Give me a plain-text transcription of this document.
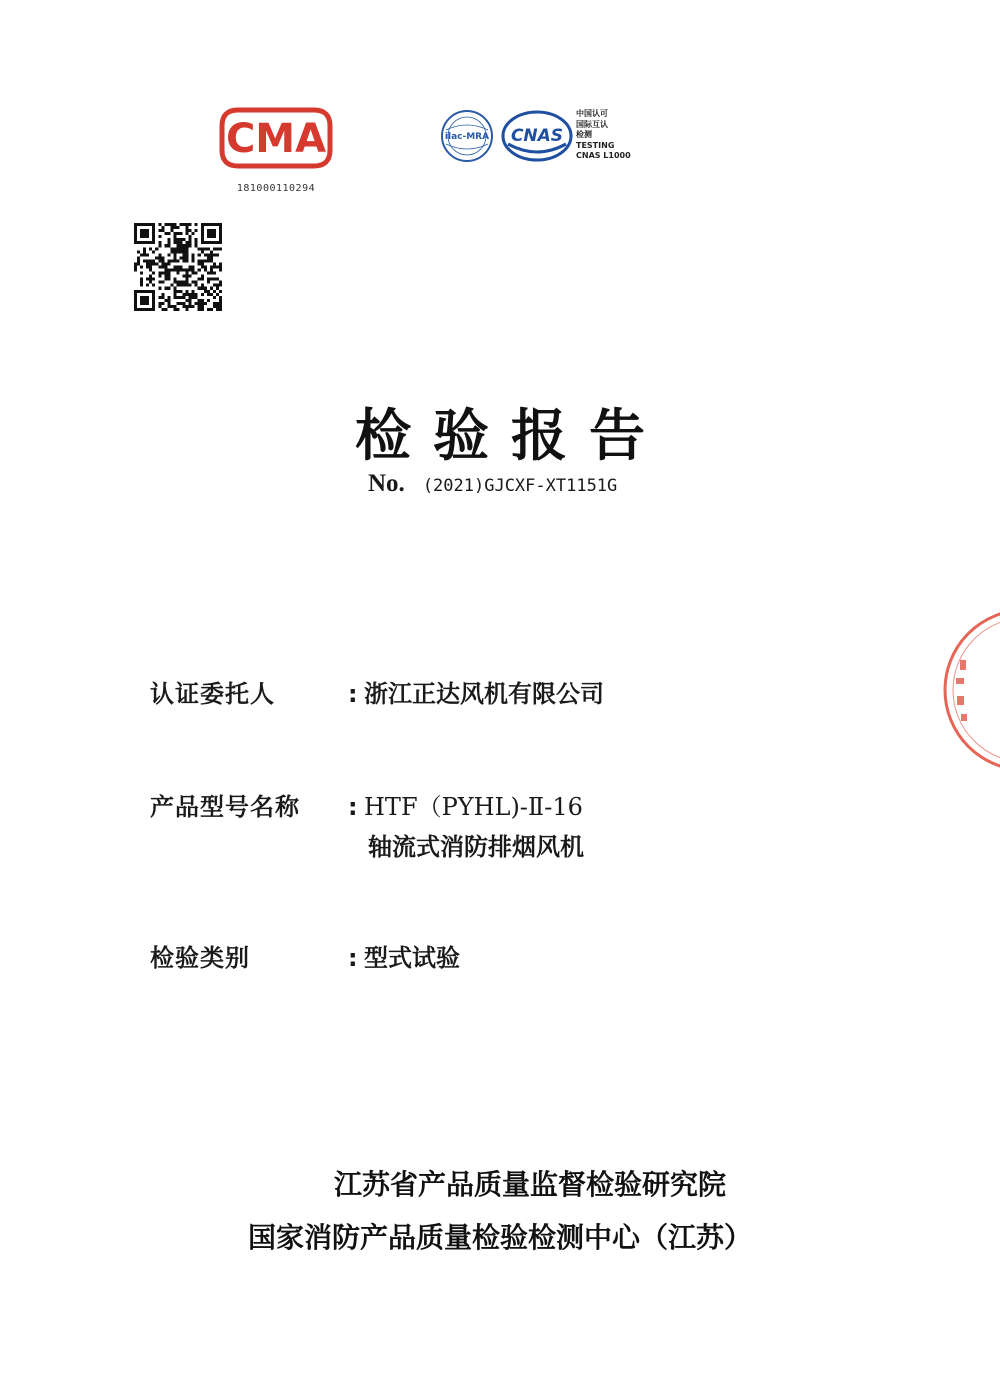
CMA
181000110294
ilac-MRA CNAS
中国认可
国际互认
检测
TESTING
CNAS L1000
检验报告
No. (2021)GJCXF-XT1151G
认证委托人	: 浙江正达风机有限公司
产品型号名称 : HTF（PYHL)-Ⅱ-16
轴流式消防排烟风机
检验类别	: 型式试验
江苏省产品质量监督检验研究院
国家消防产品质量检验检测中心（江苏）
